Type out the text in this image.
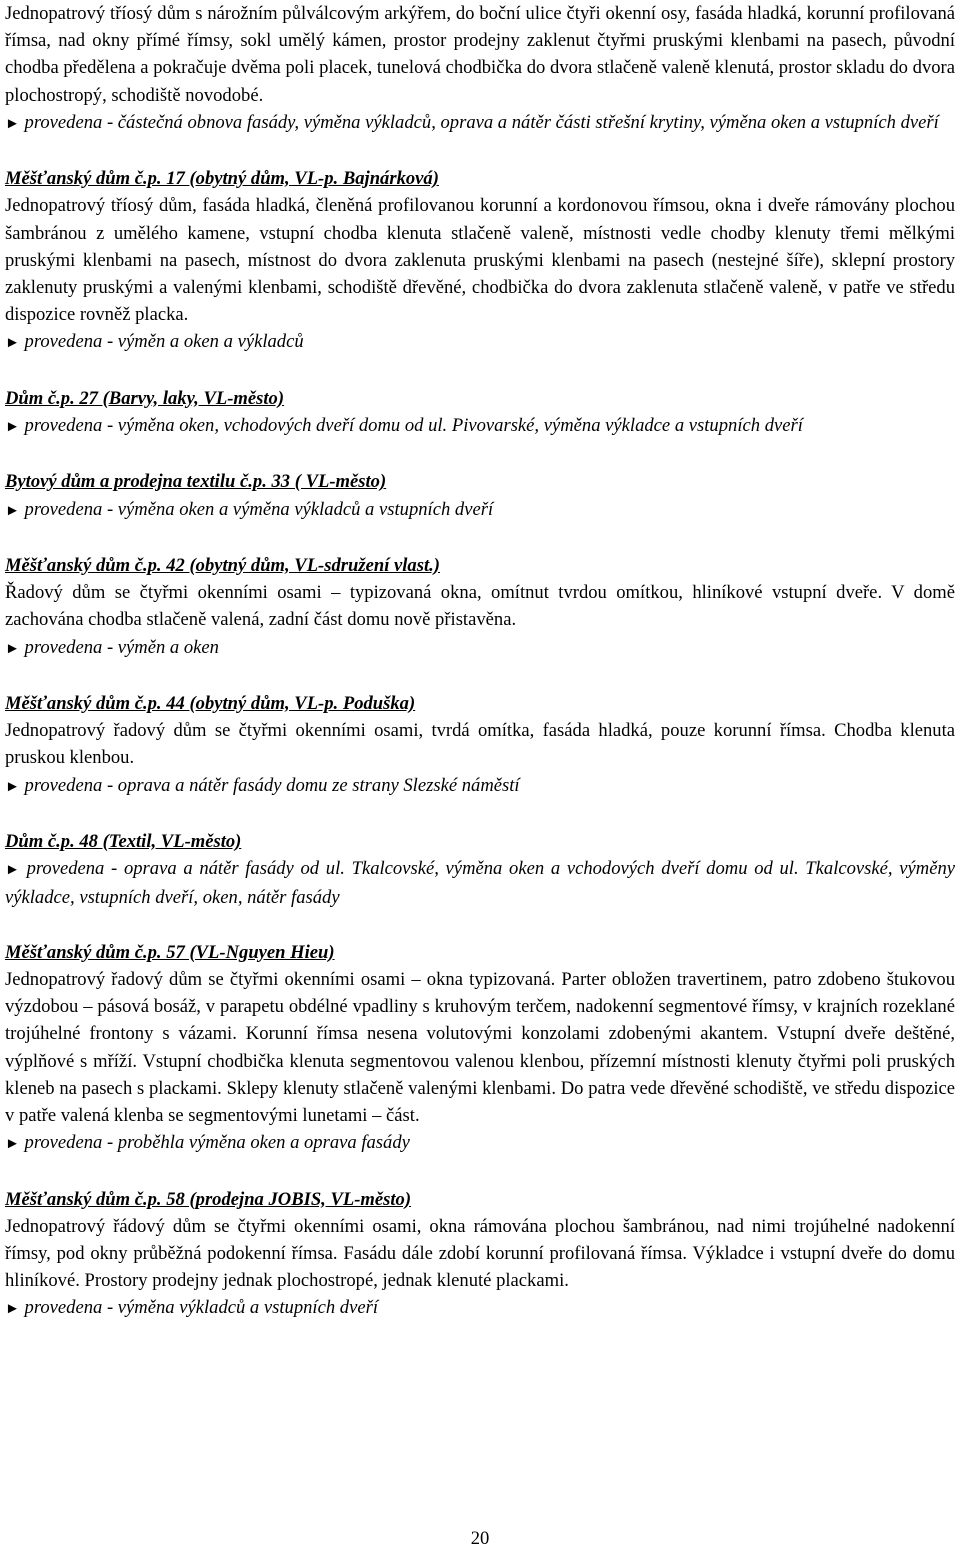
Jednopatrový tříosý dům s nárožním půlválcovým arkýřem, do boční ulice čtyři okenní osy, fasáda hladká, korunní profilovaná římsa, nad okny přímé římsy, sokl umělý kámen, prostor prodejny zaklenut čtyřmi pruskými klenbami na pasech, původní chodba předělena a pokračuje dvěma poli placek, tunelová chodbička do dvora stlačeně valeně klenutá, prostor skladu do dvora plochostropý, schodiště novodobé.

► provedena - částečná obnova fasády, výměna výkladců, oprava a nátěr části střešní krytiny, výměna oken a vstupních dveří

Měšťanský dům č.p. 17 (obytný dům, VL-p. Bajnárková)

Jednopatrový tříosý dům, fasáda hladká, členěná profilovanou korunní a kordonovou římsou, okna i dveře rámovány plochou šambránou z umělého kamene, vstupní chodba klenuta stlačeně valeně, místnosti vedle chodby klenuty třemi mělkými pruskými klenbami na pasech, místnost do dvora zaklenuta pruskými klenbami na pasech (nestejné šíře), sklepní prostory zaklenuty pruskými a valenými klenbami, schodiště dřevěné, chodbička do dvora zaklenuta stlačeně valeně, v patře ve středu dispozice rovněž placka.

► provedena - výměn a oken a výkladců

Dům č.p. 27 (Barvy, laky, VL-město)

► provedena - výměna oken, vchodových dveří domu od ul. Pivovarské, výměna výkladce a vstupních dveří

Bytový dům a prodejna textilu č.p. 33 ( VL-město)

► provedena - výměna oken a výměna výkladců a vstupních dveří

Měšťanský dům č.p. 42 (obytný dům, VL-sdružení vlast.)

Řadový dům se čtyřmi okenními osami – typizovaná okna, omítnut tvrdou omítkou, hliníkové vstupní dveře. V domě zachována chodba stlačeně valená, zadní část domu nově přistavěna.

► provedena - výměn a oken

Měšťanský dům č.p. 44 (obytný dům, VL-p. Poduška)

Jednopatrový řadový dům se čtyřmi okenními osami, tvrdá omítka, fasáda hladká, pouze korunní římsa. Chodba klenuta pruskou klenbou.

► provedena - oprava a nátěr fasády domu ze strany Slezské náměstí

Dům č.p. 48 (Textil, VL-město)

► provedena - oprava a nátěr fasády od ul. Tkalcovské, výměna oken a vchodových dveří domu od ul. Tkalcovské, výměny výkladce, vstupních dveří, oken, nátěr fasády

Měšťanský dům č.p. 57 (VL-Nguyen Hieu)

Jednopatrový řadový dům se čtyřmi okenními osami – okna typizovaná. Parter obložen travertinem, patro zdobeno štukovou výzdobou – pásová bosáž, v parapetu obdélné vpadliny s kruhovým terčem, nadokenní segmentové římsy, v krajních rozeklané trojúhelné frontony s vázami. Korunní římsa nesena volutovými konzolami zdobenými akantem. Vstupní dveře deštěné, výplňové s mříží. Vstupní chodbička klenuta segmentovou valenou klenbou, přízemní místnosti klenuty čtyřmi poli pruských kleneb na pasech s plackami. Sklepy klenuty stlačeně valenými klenbami. Do patra vede dřevěné schodiště, ve středu dispozice v patře valená klenba se segmentovými lunetami – část.

► provedena - proběhla výměna oken a oprava fasády

Měšťanský dům č.p. 58 (prodejna JOBIS, VL-město)

Jednopatrový řádový dům se čtyřmi okenními osami, okna rámována plochou šambránou, nad nimi trojúhelné nadokenní římsy, pod okny průběžná podokenní římsa. Fasádu dále zdobí korunní profilovaná římsa. Výkladce i vstupní dveře do domu hliníkové. Prostory prodejny jednak plochostropé, jednak klenuté plackami.

► provedena - výměna výkladců a vstupních dveří

20
